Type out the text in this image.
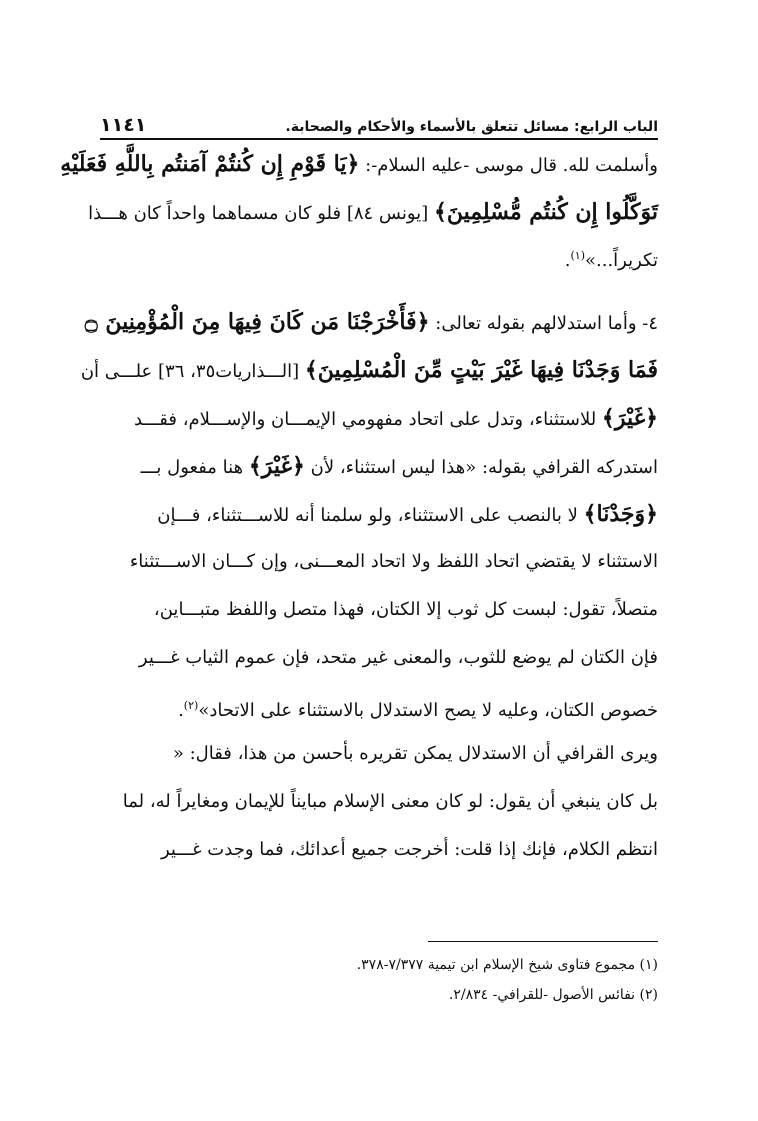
١١٤١	الباب الرابع: مسائل تتعلق بالأسماء والأحكام والصحابة.
وأسلمت لله. قال موسى -عليه السلام-: ﴿يَا قَوْمِ إِن كُنتُمْ آمَنتُم بِاللَّهِ فَعَلَيْهِ
تَوَكَّلُوا إِن كُنتُم مُّسْلِمِينَ﴾ [يونس ٨٤] فلو كان مسماهما واحداً كان هـــذا
تكريراً...»$^{(١)}$.
٤- وأما استدلالهم بقوله تعالى: ﴿فَأَخْرَجْنَا مَن كَانَ فِيهَا مِنَ الْمُؤْمِنِينَ ۝
فَمَا وَجَدْنَا فِيهَا غَيْرَ بَيْتٍ مِّنَ الْمُسْلِمِينَ﴾ [الـــذاريات٣٥، ٣٦] علـــى أن
﴿غَيْرَ﴾ للاستثناء، وتدل على اتحاد مفهومي الإيمـــان والإســـلام، فقـــد
استدركه القرافي بقوله: «هذا ليس استثناء، لأن ﴿غَيْرَ﴾ هنا مفعول بـــ
﴿وَجَدْنَا﴾ لا بالنصب على الاستثناء، ولو سلمنا أنه للاســـتثناء، فـــإن
الاستثناء لا يقتضي اتحاد اللفظ ولا اتحاد المعـــنى، وإن كـــان الاســـتثناء
متصلاً، تقول: لبست كل ثوب إلا الكتان، فهذا متصل واللفظ متبـــاين،
فإن الكتان لم يوضع للثوب، والمعنى غير متحد، فإن عموم الثياب غـــير
خصوص الكتان، وعليه لا يصح الاستدلال بالاستثناء على الاتحاد»$^{(٢)}$.
ويرى القرافي أن الاستدلال يمكن تقريره بأحسن من هذا، فقال: «
بل كان ينبغي أن يقول: لو كان معنى الإسلام مبايناً للإيمان ومغايراً له، لما
انتظم الكلام، فإنك إذا قلت: أخرجت جميع أعدائك، فما وجدت غـــير
(١) مجموع فتاوى شيخ الإسلام ابن تيمية ٧/٣٧٧-٣٧٨.
(٢) نفائس الأصول -للقرافي- ٢/٨٣٤.
